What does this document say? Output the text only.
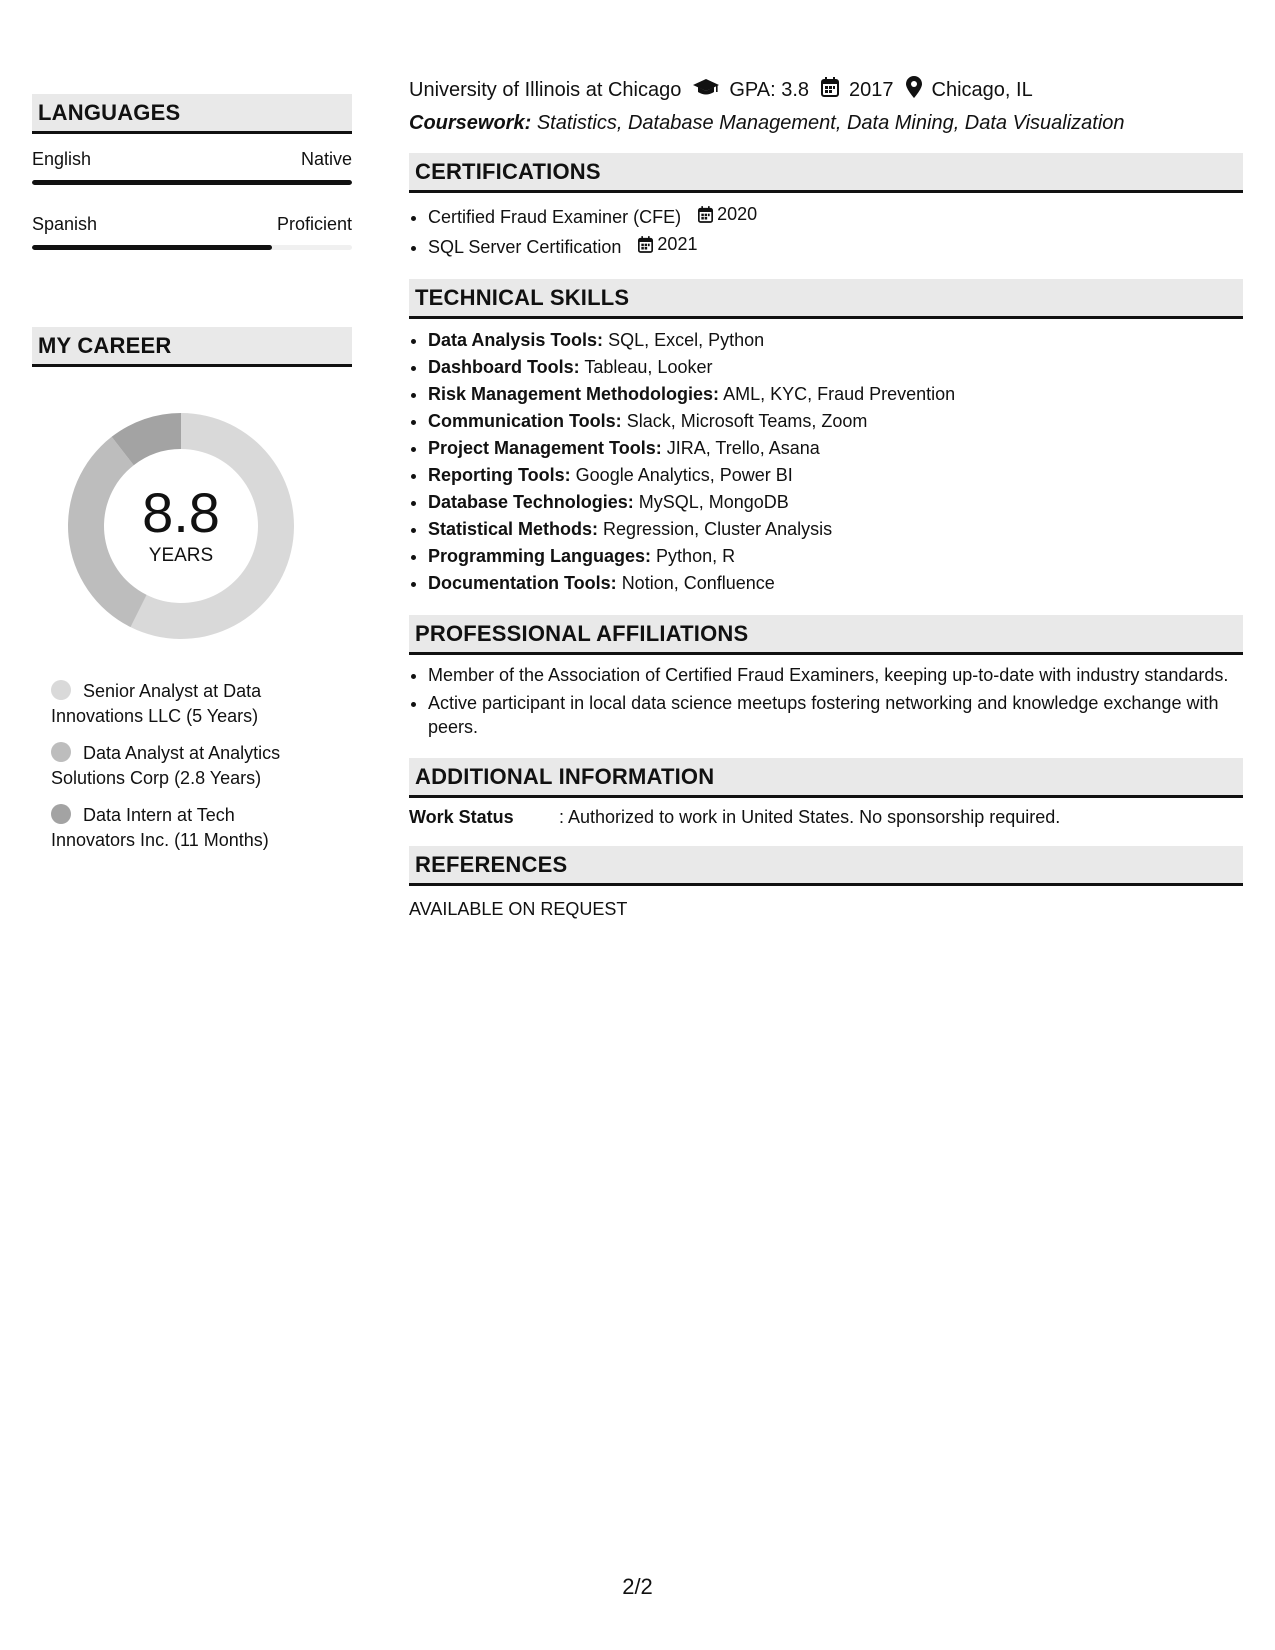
LANGUAGES
English	Native
Spanish	Proficient
MY CAREER
8.8
YEARS
Senior Analyst at Data Innovations LLC (5 Years)
Data Analyst at Analytics Solutions Corp (2.8 Years)
Data Intern at Tech Innovators Inc. (11 Months)
University of Illinois at Chicago GPA: 3.8 2017 Chicago, IL
Coursework: Statistics, Database Management, Data Mining, Data Visualization
CERTIFICATIONS
• Certified Fraud Examiner (CFE) 2020
• SQL Server Certification 2021
TECHNICAL SKILLS
• Data Analysis Tools: SQL, Excel, Python
• Dashboard Tools: Tableau, Looker
• Risk Management Methodologies: AML, KYC, Fraud Prevention
• Communication Tools: Slack, Microsoft Teams, Zoom
• Project Management Tools: JIRA, Trello, Asana
• Reporting Tools: Google Analytics, Power BI
• Database Technologies: MySQL, MongoDB
• Statistical Methods: Regression, Cluster Analysis
• Programming Languages: Python, R
• Documentation Tools: Notion, Confluence
PROFESSIONAL AFFILIATIONS
• Member of the Association of Certified Fraud Examiners, keeping up-to-date with industry standards.
• Active participant in local data science meetups fostering networking and knowledge exchange with peers.
ADDITIONAL INFORMATION
Work Status	: Authorized to work in United States. No sponsorship required.
REFERENCES
AVAILABLE ON REQUEST
2/2
